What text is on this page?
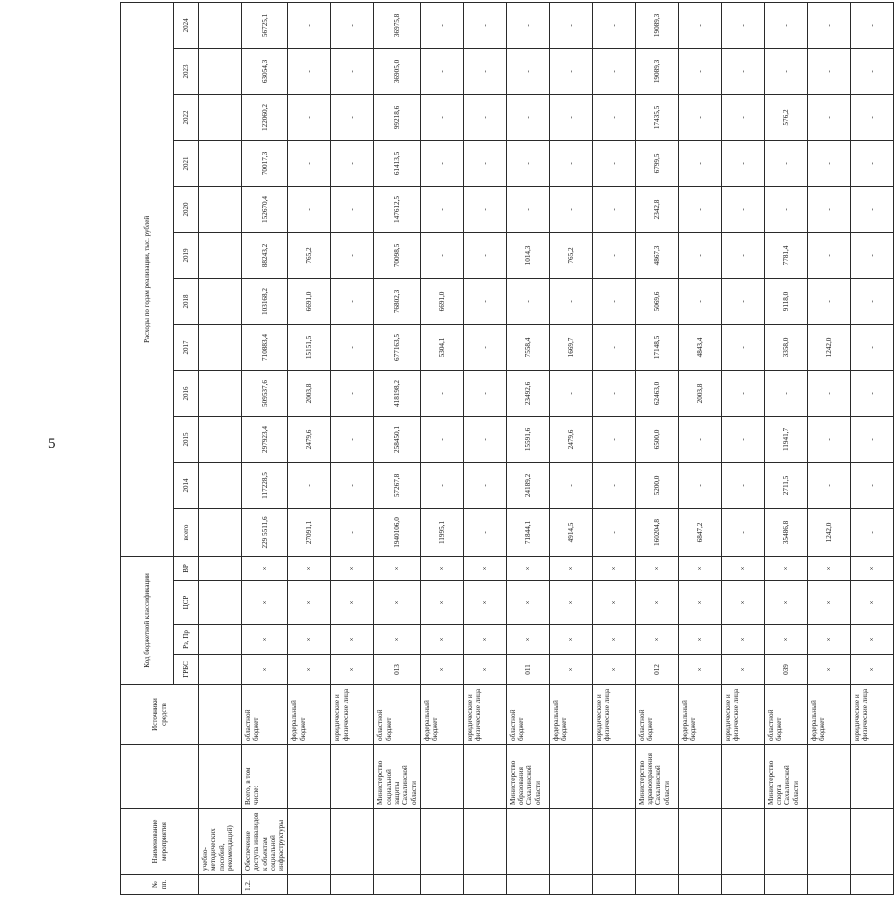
5
№ пп.	Наименование мероприятия		Источники средств	Код бюджетной классификации				Расходы по годам реализации, тыс. рублей											
				ГРБС	Рз, Пр	ЦСР	ВР	всего	2014	2015	2016	2017	2018	2019	2020	2021	2022	2023	2024
	учебно-методических пособий, рекомендаций)																		
1.2.	Обеспечение доступа инвалидов к объектам социальной инфраструктуры	Всего, в том числе:	областной бюджет	×	×	×	×	229 5511,6	117228,5	297923,4	509537,6	710883,4	103168,2	88243,2	152670,4	70017,3	122060,2	63054,3	56725,1
			федеральный бюджет	×	×	×	×	27091,1	-	2479,6	2003,8	15151,5	6691,0	765,2	-	-	-	-	-
			юридические и физические лица	×	×	×	×	-	-	-	-	-	-	-	-	-	-	-	-
		Министерство социальной защиты Сахалинской области	областной бюджет	013	×	×	×	1940106,0	57267,8	258450,1	418198,2	677163,5	76802,3	70098,5	147612,5	61413,5	99218,6	36905,0	36975,8
			федеральный бюджет	×	×	×	×	11995,1	-	-	-	5304,1	6691,0	-	-	-	-	-	-
			юридические и физические лица	×	×	×	×	-	-	-	-	-	-	-	-	-	-	-	-
		Министерство образования Сахалинской области	областной бюджет	011	×	×	×	71844,1	24189,2	15591,6	23492,6	7558,4	-	1014,3	-	-	-	-	-
			федеральный бюджет	×	×	×	×	4914,5	-	2479,6	-	1669,7	-	765,2	-	-	-	-	-
			юридические и физические лица	×	×	×	×	-	-	-	-	-	-	-	-	-	-	-	-
		Министерство здравоохранения Сахалинской области	областной бюджет	012	×	×	×	160204,8	5200,0	6500,0	62463,0	17148,5	5069,6	4867,3	2342,8	6799,5	17435,5	19089,3	19089,3
			федеральный бюджет	×	×	×	×	6847,2	-	-	2003,8	4843,4	-	-	-	-	-	-	-
			юридические и физические лица	×	×	×	×	-	-	-	-	-	-	-	-	-	-	-	-
		Министерство спорта Сахалинской области	областной бюджет	039	×	×	×	35486,8	2711,5	11941,7	-	3358,0	9118,0	7781,4	-	-	576,2	-	-
			федеральный бюджет	×	×	×	×	1242,0	-	-	-	1242,0	-	-	-	-	-	-	-
			юридические и физические лица	×	×	×	×	-	-	-	-	-	-	-	-	-	-	-	-
